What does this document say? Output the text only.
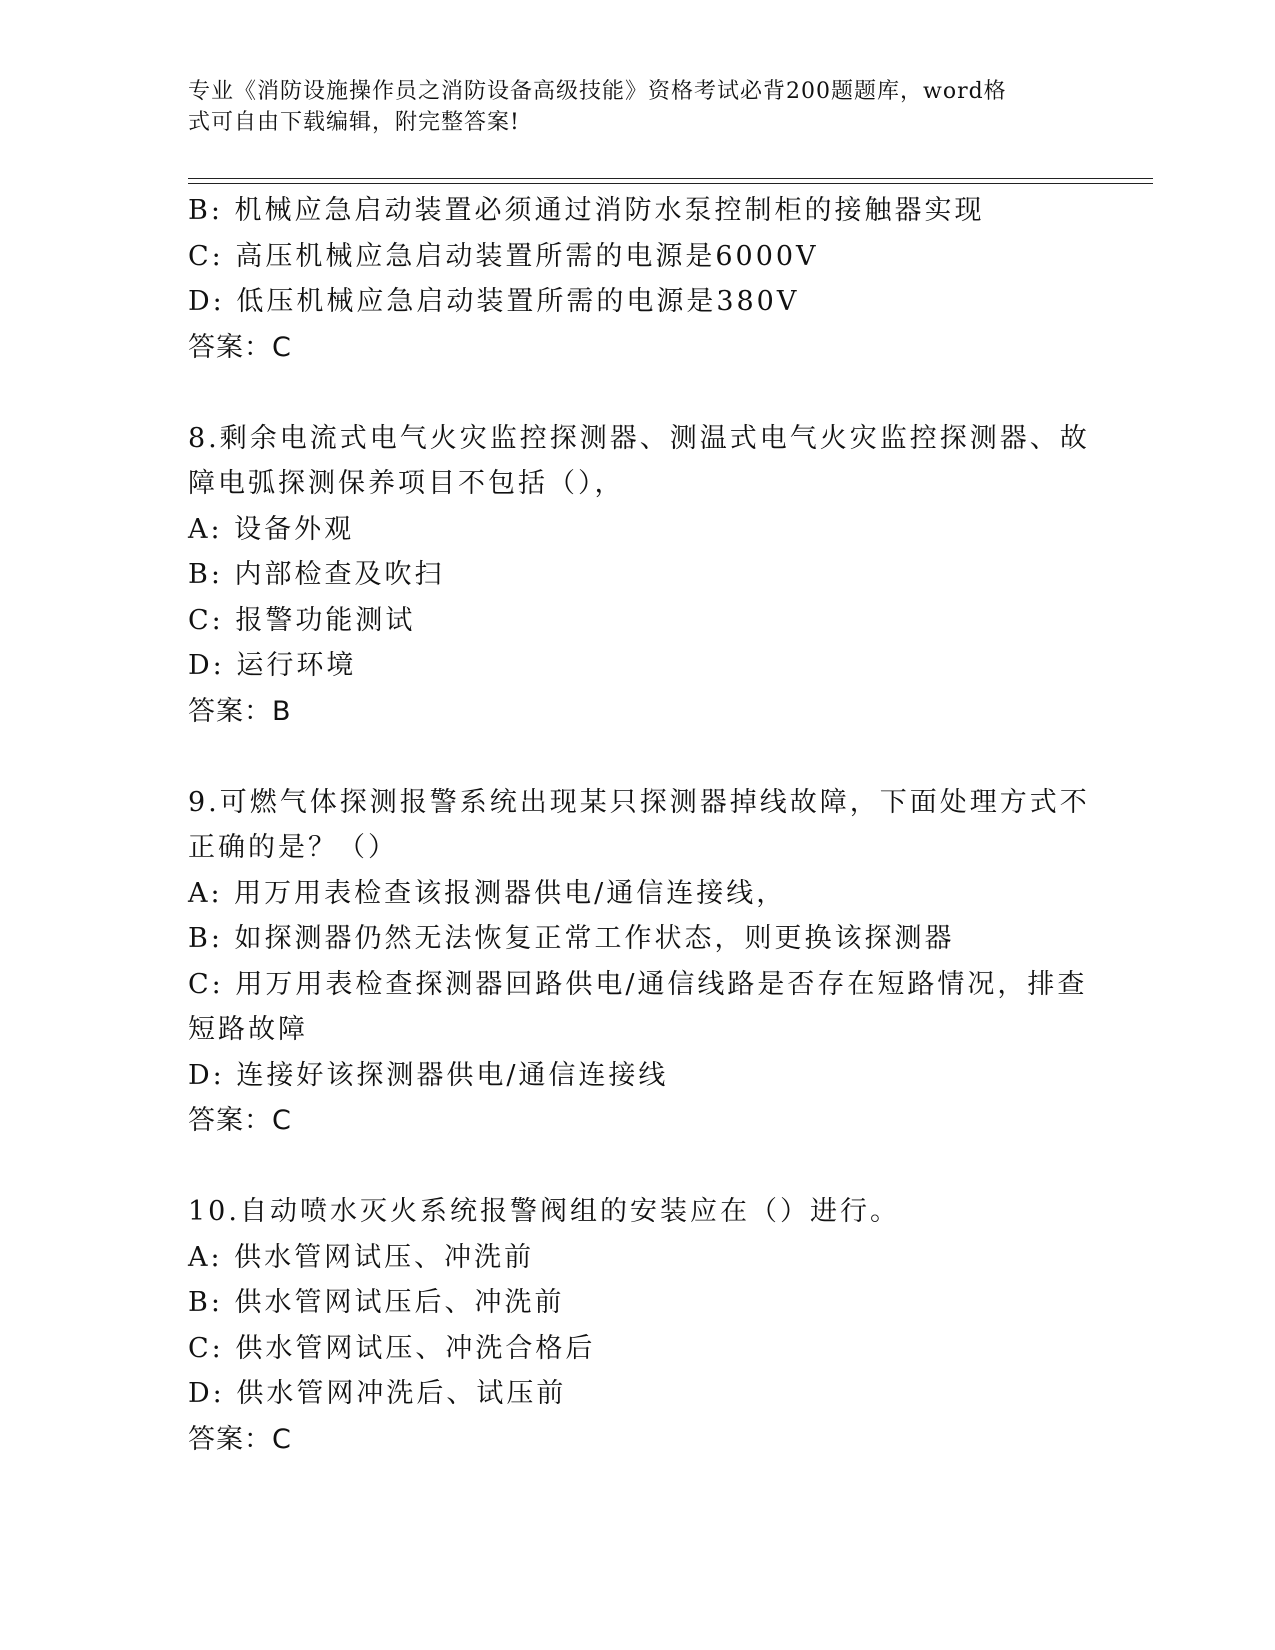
专业《消防设施操作员之消防设备高级技能》资格考试必背200题题库，word格
式可自由下载编辑，附完整答案!
B: 机械应急启动装置必须通过消防水泵控制柜的接触器实现
C: 高压机械应急启动装置所需的电源是6000V
D: 低压机械应急启动装置所需的电源是380V
答案：C
8.剩余电流式电气火灾监控探测器、测温式电气火灾监控探测器、故
障电弧探测保养项目不包括（），
A: 设备外观
B: 内部检查及吹扫
C: 报警功能测试
D: 运行环境
答案：B
9.可燃气体探测报警系统出现某只探测器掉线故障，下面处理方式不
正确的是？（）
A: 用万用表检查该报测器供电/通信连接线，
B: 如探测器仍然无法恢复正常工作状态，则更换该探测器
C: 用万用表检查探测器回路供电/通信线路是否存在短路情况，排查
短路故障
D: 连接好该探测器供电/通信连接线
答案：C
10.自动喷水灭火系统报警阀组的安装应在（）进行。
A: 供水管网试压、冲洗前
B: 供水管网试压后、冲洗前
C: 供水管网试压、冲洗合格后
D: 供水管网冲洗后、试压前
答案：C
